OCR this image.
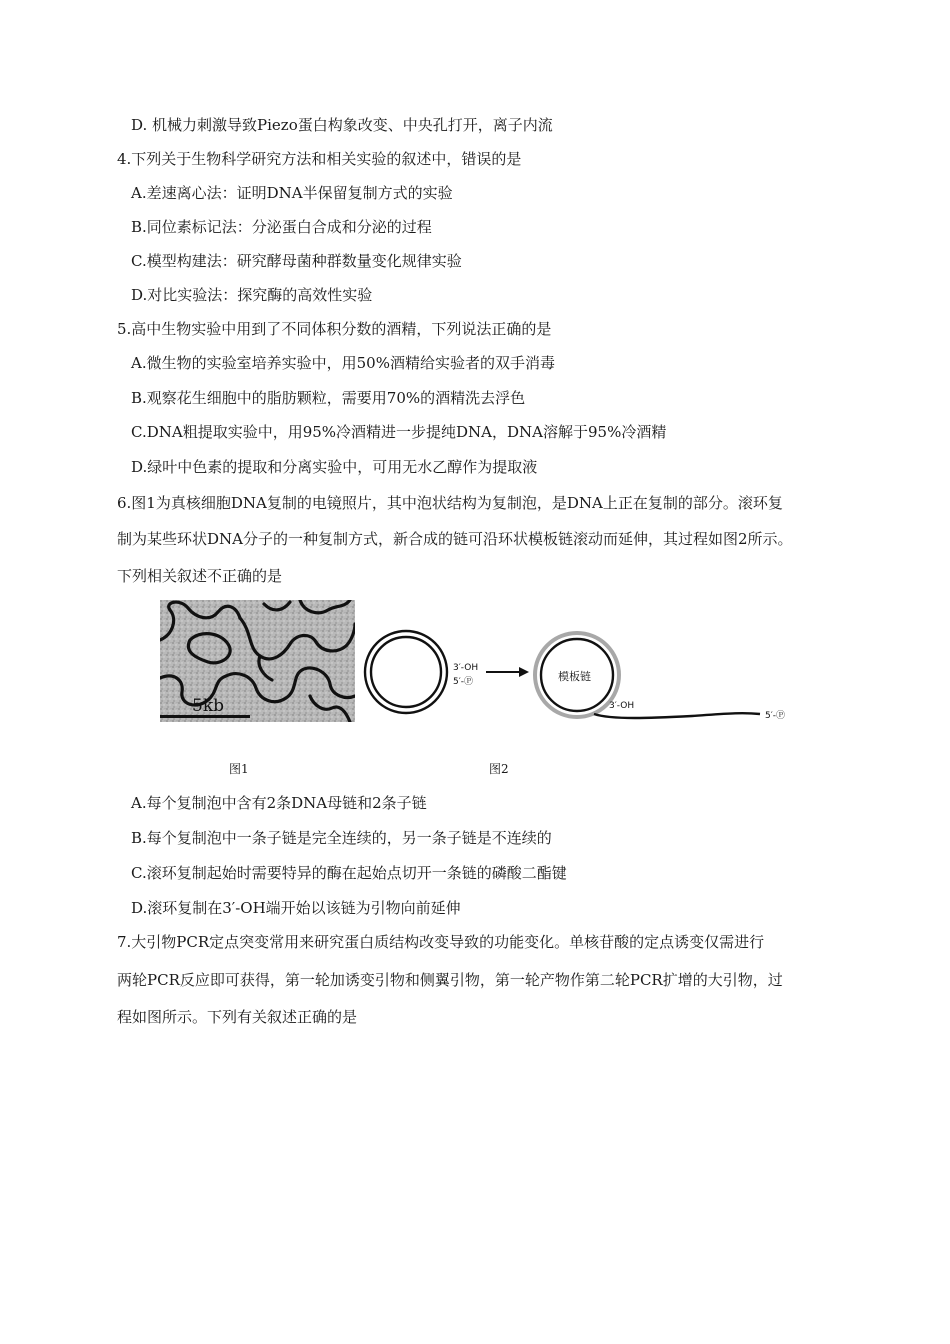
D. 机械力刺激导致Piezo蛋白构象改变、中央孔打开，离子内流
4.下列关于生物科学研究方法和相关实验的叙述中，错误的是
A.差速离心法：证明DNA半保留复制方式的实验
B.同位素标记法：分泌蛋白合成和分泌的过程
C.模型构建法：研究酵母菌种群数量变化规律实验
D.对比实验法：探究酶的高效性实验
5.高中生物实验中用到了不同体积分数的酒精，下列说法正确的是
A.微生物的实验室培养实验中，用50%酒精给实验者的双手消毒
B.观察花生细胞中的脂肪颗粒，需要用70%的酒精洗去浮色
C.DNA粗提取实验中，用95%冷酒精进一步提纯DNA，DNA溶解于95%冷酒精
D.绿叶中色素的提取和分离实验中，可用无水乙醇作为提取液
6.图1为真核细胞DNA复制的电镜照片，其中泡状结构为复制泡，是DNA上正在复制的部分。滚环复
制为某些环状DNA分子的一种复制方式，新合成的链可沿环状模板链滚动而延伸，其过程如图2所示。
下列相关叙述不正确的是
5kb
3′-OH
5′-Ⓟ	模板链
3′-OH
5′-Ⓟ
图1	图2
A.每个复制泡中含有2条DNA母链和2条子链
B.每个复制泡中一条子链是完全连续的，另一条子链是不连续的
C.滚环复制起始时需要特异的酶在起始点切开一条链的磷酸二酯键
D.滚环复制在3′-OH端开始以该链为引物向前延伸
7.大引物PCR定点突变常用来研究蛋白质结构改变导致的功能变化。单核苷酸的定点诱变仅需进行
两轮PCR反应即可获得，第一轮加诱变引物和侧翼引物，第一轮产物作第二轮PCR扩增的大引物，过
程如图所示。下列有关叙述正确的是
